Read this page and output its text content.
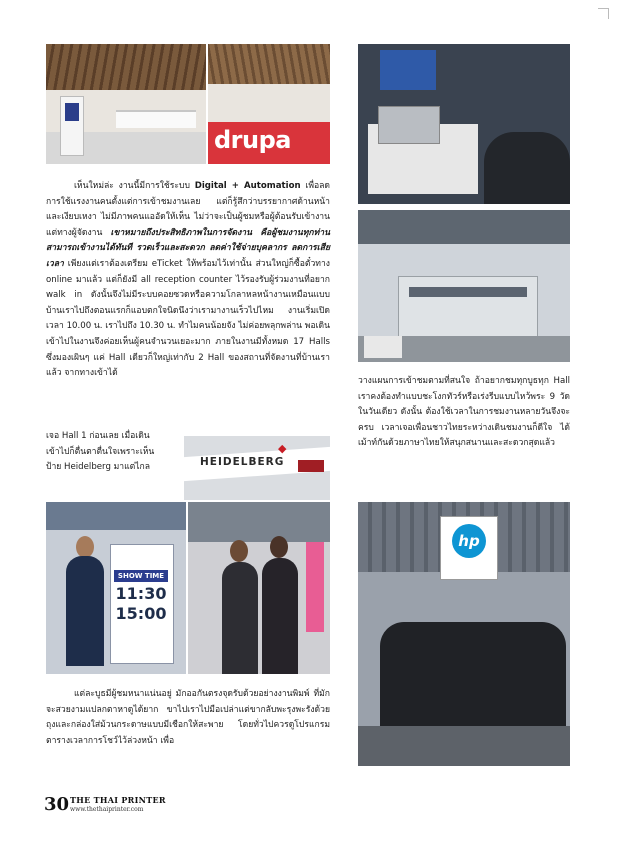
drupa

เห็นใหม่ล่ะ งานนี้มีการใช้ระบบ Digital + Automation เพื่อลดการใช้แรงงานคนตั้งแต่การเข้าชมงานเลย แต่ก็รู้สึกว่าบรรยากาศด้านหน้าและเงียบเหงา ไม่มีภาพคนแออัดให้เห็น ไม่ว่าจะเป็นผู้ชมหรือผู้ต้อนรับเข้างาน แต่ทางผู้จัดงาน เขาหมายถึงประสิทธิภาพในการจัดงาน คือผู้ชมงานทุกท่านสามารถเข้างานได้ทันที รวดเร็วและสะดวก ลดค่าใช้จ่ายบุคลากร ลดการเสียเวลา เพียงแต่เราต้องเตรียม eTicket ให้พร้อมไว้เท่านั้น ส่วนใหญ่ก็ซื้อตั๋วทาง online มาแล้ว แต่ก็ยังมี all reception counter ไว้รองรับผู้ร่วมงานที่อยาก walk in ดังนั้นจึงไม่มีระบบคอยซวดหรือความโกลาหลหน้างานเหมือนแบบบ้านเราไปถึงตอนแรกก็แอบตกใจนิดนึงว่าเรามางานเร็วไปไหม งานเริ่มเปิดเวลา 10.00 น. เราไปถึง 10.30 น. ทำไมคนน้อยจัง ไม่ค่อยพลุกพล่าน พอเดินเข้าไปในงานจึงค่อยเห็นผู้คนจำนวนเยอะมาก ภายในงานมีทั้งหมด 17 Halls ซึ่งมองเผินๆ แค่ Hall เดียวก็ใหญ่เท่ากับ 2 Hall ของสถานที่จัดงานที่บ้านเราแล้ว จากทางเข้าได้

เจอ Hall 1 ก่อนเลย เมื่อเดิน

เข้าไปก็ตื่นตาตื่นใจเพราะเห็น

ป้าย Heidelberg มาแต่ไกล	HEIDELBERG
◆

วางแผนการเข้าชมตามที่สนใจ ถ้าอยากชมทุกบูธทุก Hall เราคงต้องทำแบบชะโงกทัวร์หรือเร่งรีบแบบไหว้พระ 9 วัดในวันเดียว ดังนั้น ต้องใช้เวลาในการชมงานหลายวันจึงจะครบ เวลาเจอเพื่อนชาวไทยระหว่างเดินชมงานก็ดีใจ ได้เม้าท์กันด้วยภาษาไทยให้สนุกสนานและสะดวกสุดแล้ว

SHOW TIME
11:30
15:00
hp

แต่ละบูธมีผู้ชมหนาแน่นอยู่ มักออกันตรงจุดรับด้วยอย่างงานพิมพ์ ที่มักจะสวยงามแปลกตาหาดูได้ยาก ขาไปเราไปมือเปล่าแต่ขากลับพะรุงพะรังด้วยถุงและกล่องใส่ม้วนกระดาษแบบมีเชือกให้สะพาย โดยทั่วไปควรดูโปรแกรมตารางเวลาการโชว์ไว้ล่วงหน้า เพื่อ

30 THE THAI PRINTER
www.thethaiprinter.com
